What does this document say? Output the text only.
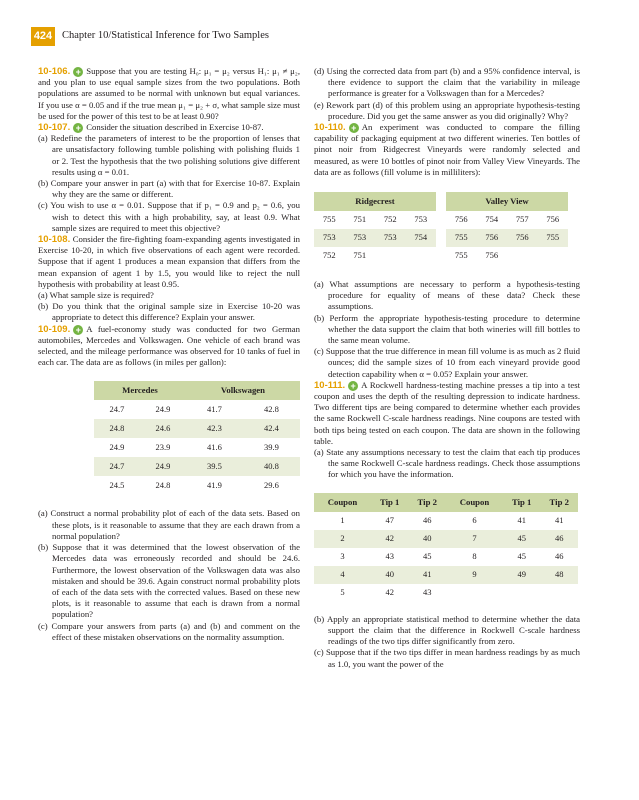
424 Chapter 10/Statistical Inference for Two Samples

10-106. + Suppose that you are testing H₀: μ₁ = μ₂ versus H₁: μ₁ ≠ μ₂, and you plan to use equal sample sizes from the two populations. Both populations are assumed to be normal with unknown but equal variances. If you use α = 0.05 and if the true mean μ₁ = μ₂ + σ, what sample size must be used for the power of this test to be at least 0.90?

10-107. + Consider the situation described in Exercise 10-87.

(a) Redefine the parameters of interest to be the proportion of lenses that are unsatisfactory following tumble polishing with polishing fluids 1 or 2. Test the hypothesis that the two polishing solutions give different results using α = 0.01.

(b) Compare your answer in part (a) with that for Exercise 10-87. Explain why they are the same or different.

(c) You wish to use α = 0.01. Suppose that if p₁ = 0.9 and p₂ = 0.6, you wish to detect this with a high probability, say, at least 0.9. What sample sizes are required to meet this objective?

10-108. Consider the fire-fighting foam-expanding agents investigated in Exercise 10-20, in which five observations of each agent were recorded. Suppose that if agent 1 produces a mean expansion that differs from the mean expansion of agent 1 by 1.5, you would like to reject the null hypothesis with probability at least 0.95.

(a) What sample size is required?

(b) Do you think that the original sample size in Exercise 10-20 was appropriate to detect this difference? Explain your answer.

10-109. + A fuel-economy study was conducted for two German automobiles, Mercedes and Volkswagen. One vehicle of each brand was selected, and the mileage performance was observed for 10 tanks of fuel in each car. The data are as follows (in miles per gallon):

Mercedes		Volkswagen	
24.7	24.9	41.7	42.8
24.8	24.6	42.3	42.4
24.9	23.9	41.6	39.9
24.7	24.9	39.5	40.8
24.5	24.8	41.9	29.6

(a) Construct a normal probability plot of each of the data sets. Based on these plots, is it reasonable to assume that they are each drawn from a normal population?

(b) Suppose that it was determined that the lowest observation of the Mercedes data was erroneously recorded and should be 24.6. Furthermore, the lowest observation of the Volkswagen data was also mistaken and should be 39.6. Again construct normal probability plots of each of the data sets with the corrected values. Based on these new plots, is it reasonable to assume that each is drawn from a normal population?

(c) Compare your answers from parts (a) and (b) and comment on the effect of these mistaken observations on the normality assumption.

(d) Using the corrected data from part (b) and a 95% confidence interval, is there evidence to support the claim that the variability in mileage performance is greater for a Volkswagen than for a Mercedes?

(e) Rework part (d) of this problem using an appropriate hypothesis-testing procedure. Did you get the same answer as you did originally? Why?

10-110. + An experiment was conducted to compare the filling capability of packaging equipment at two different wineries. Ten bottles of pinot noir from Ridgecrest Vineyards were randomly selected and measured, as were 10 bottles of pinot noir from Valley View Vineyards. The data are as follows (fill volume is in milliliters):

Ridgecrest					Valley View			
755	751	752	753		756	754	757	756
753	753	753	754		755	756	756	755
752	751				755	756		

(a) What assumptions are necessary to perform a hypothesis-testing procedure for equality of means of these data? Check these assumptions.

(b) Perform the appropriate hypothesis-testing procedure to determine whether the data support the claim that both wineries will fill bottles to the same mean volume.

(c) Suppose that the true difference in mean fill volume is as much as 2 fluid ounces; did the sample sizes of 10 from each vineyard provide good detection capability when α = 0.05? Explain your answer.

10-111. + A Rockwell hardness-testing machine presses a tip into a test coupon and uses the depth of the resulting depression to indicate hardness. Two different tips are being compared to determine whether each provides the same Rockwell C-scale hardness readings. Nine coupons are tested with both tips being tested on each coupon. The data are shown in the following table.

(a) State any assumptions necessary to test the claim that each tip produces the same Rockwell C-scale hardness readings. Check those assumptions for which you have the information.

Coupon	Tip 1	Tip 2	Coupon	Tip 1	Tip 2
1	47	46	6	41	41
2	42	40	7	45	46
3	43	45	8	45	46
4	40	41	9	49	48
5	42	43			

(b) Apply an appropriate statistical method to determine whether the data support the claim that the difference in Rockwell C-scale hardness readings of the two tips differ significantly from zero.

(c) Suppose that if the two tips differ in mean hardness readings by as much as 1.0, you want the power of the
